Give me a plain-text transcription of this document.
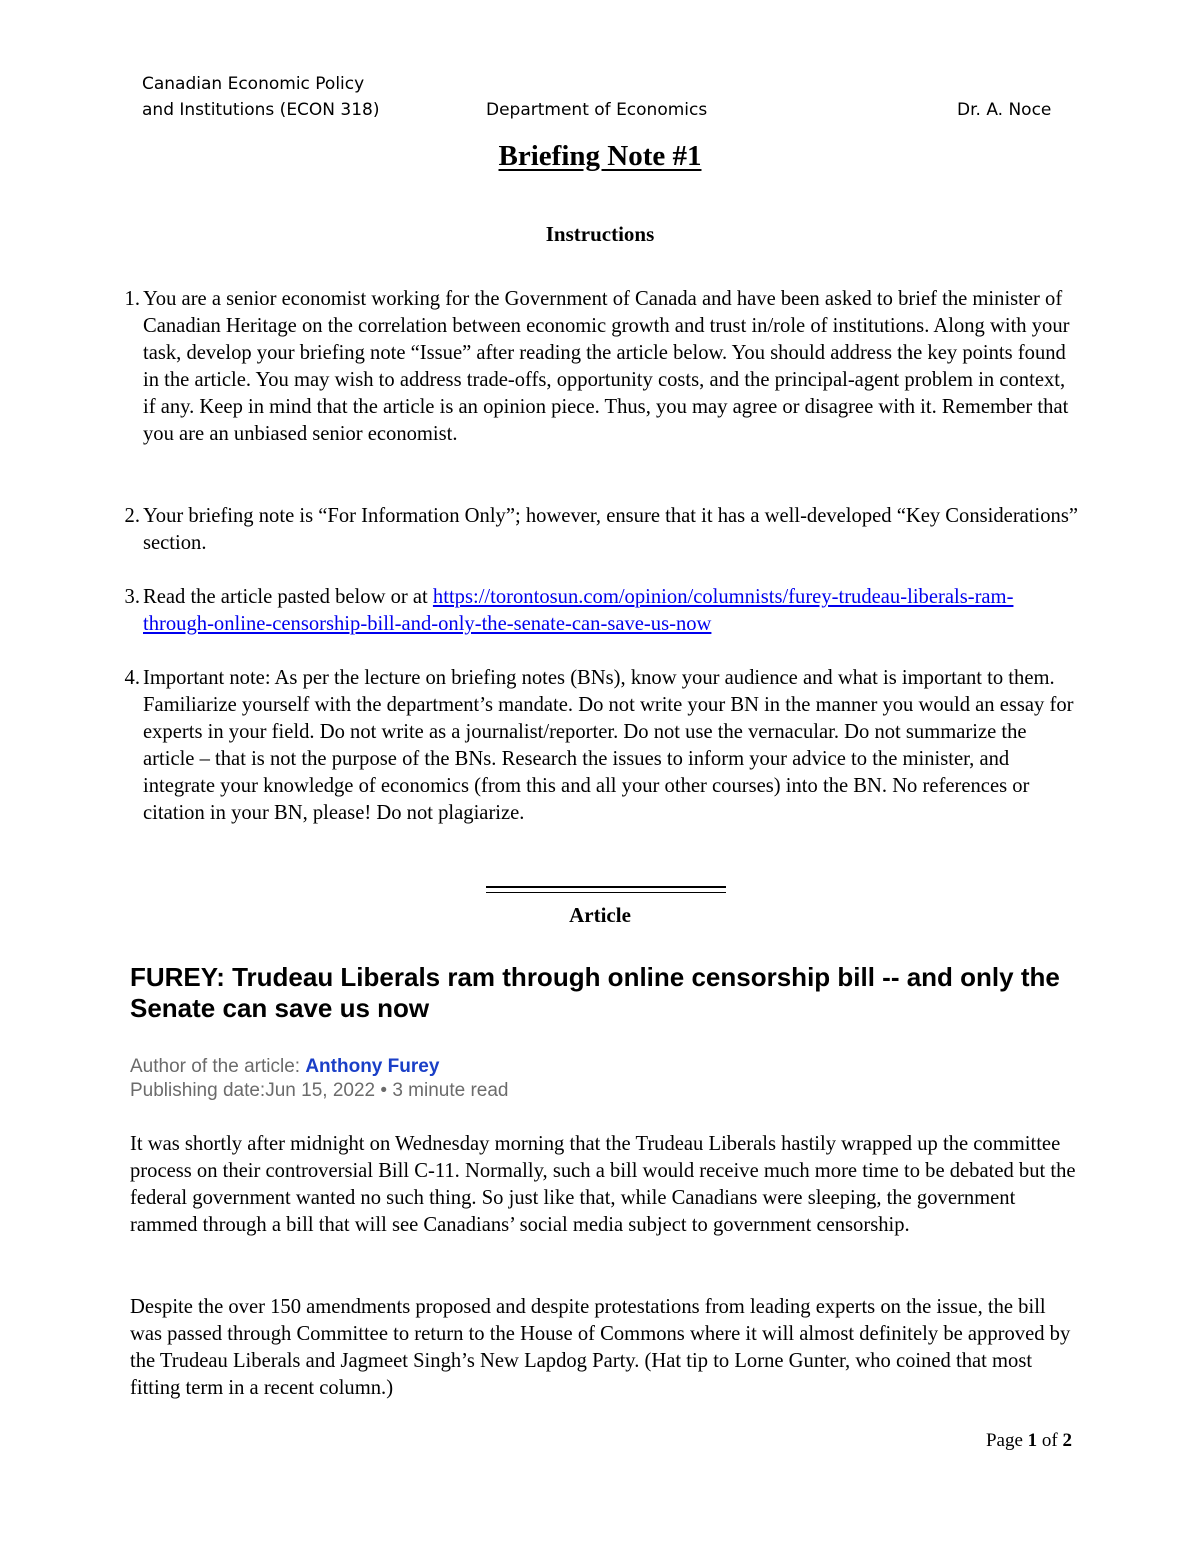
Canadian Economic Policy
and Institutions (ECON 318)	Department of Economics	Dr. A. Noce
Briefing Note #1
Instructions
1. You are a senior economist working for the Government of Canada and have been asked to brief the minister of Canadian Heritage on the correlation between economic growth and trust in/role of institutions. Along with your task, develop your briefing note “Issue” after reading the article below. You should address the key points found in the article. You may wish to address trade-offs, opportunity costs, and the principal-agent problem in context, if any. Keep in mind that the article is an opinion piece. Thus, you may agree or disagree with it. Remember that you are an unbiased senior economist.
2. Your briefing note is “For Information Only”; however, ensure that it has a well-developed “Key Considerations” section.
3. Read the article pasted below or at https://torontosun.com/opinion/columnists/furey-trudeau-liberals-ram-through-online-censorship-bill-and-only-the-senate-can-save-us-now
4. Important note: As per the lecture on briefing notes (BNs), know your audience and what is important to them. Familiarize yourself with the department’s mandate. Do not write your BN in the manner you would an essay for experts in your field. Do not write as a journalist/reporter. Do not use the vernacular. Do not summarize the article – that is not the purpose of the BNs. Research the issues to inform your advice to the minister, and integrate your knowledge of economics (from this and all your other courses) into the BN. No references or citation in your BN, please! Do not plagiarize.
Article
FUREY: Trudeau Liberals ram through online censorship bill -- and only the Senate can save us now
Author of the article: Anthony Furey
Publishing date:Jun 15, 2022 • 3 minute read
It was shortly after midnight on Wednesday morning that the Trudeau Liberals hastily wrapped up the committee process on their controversial Bill C-11. Normally, such a bill would receive much more time to be debated but the federal government wanted no such thing. So just like that, while Canadians were sleeping, the government rammed through a bill that will see Canadians’ social media subject to government censorship.
Despite the over 150 amendments proposed and despite protestations from leading experts on the issue, the bill was passed through Committee to return to the House of Commons where it will almost definitely be approved by the Trudeau Liberals and Jagmeet Singh’s New Lapdog Party. (Hat tip to Lorne Gunter, who coined that most fitting term in a recent column.)
Page 1 of 2
